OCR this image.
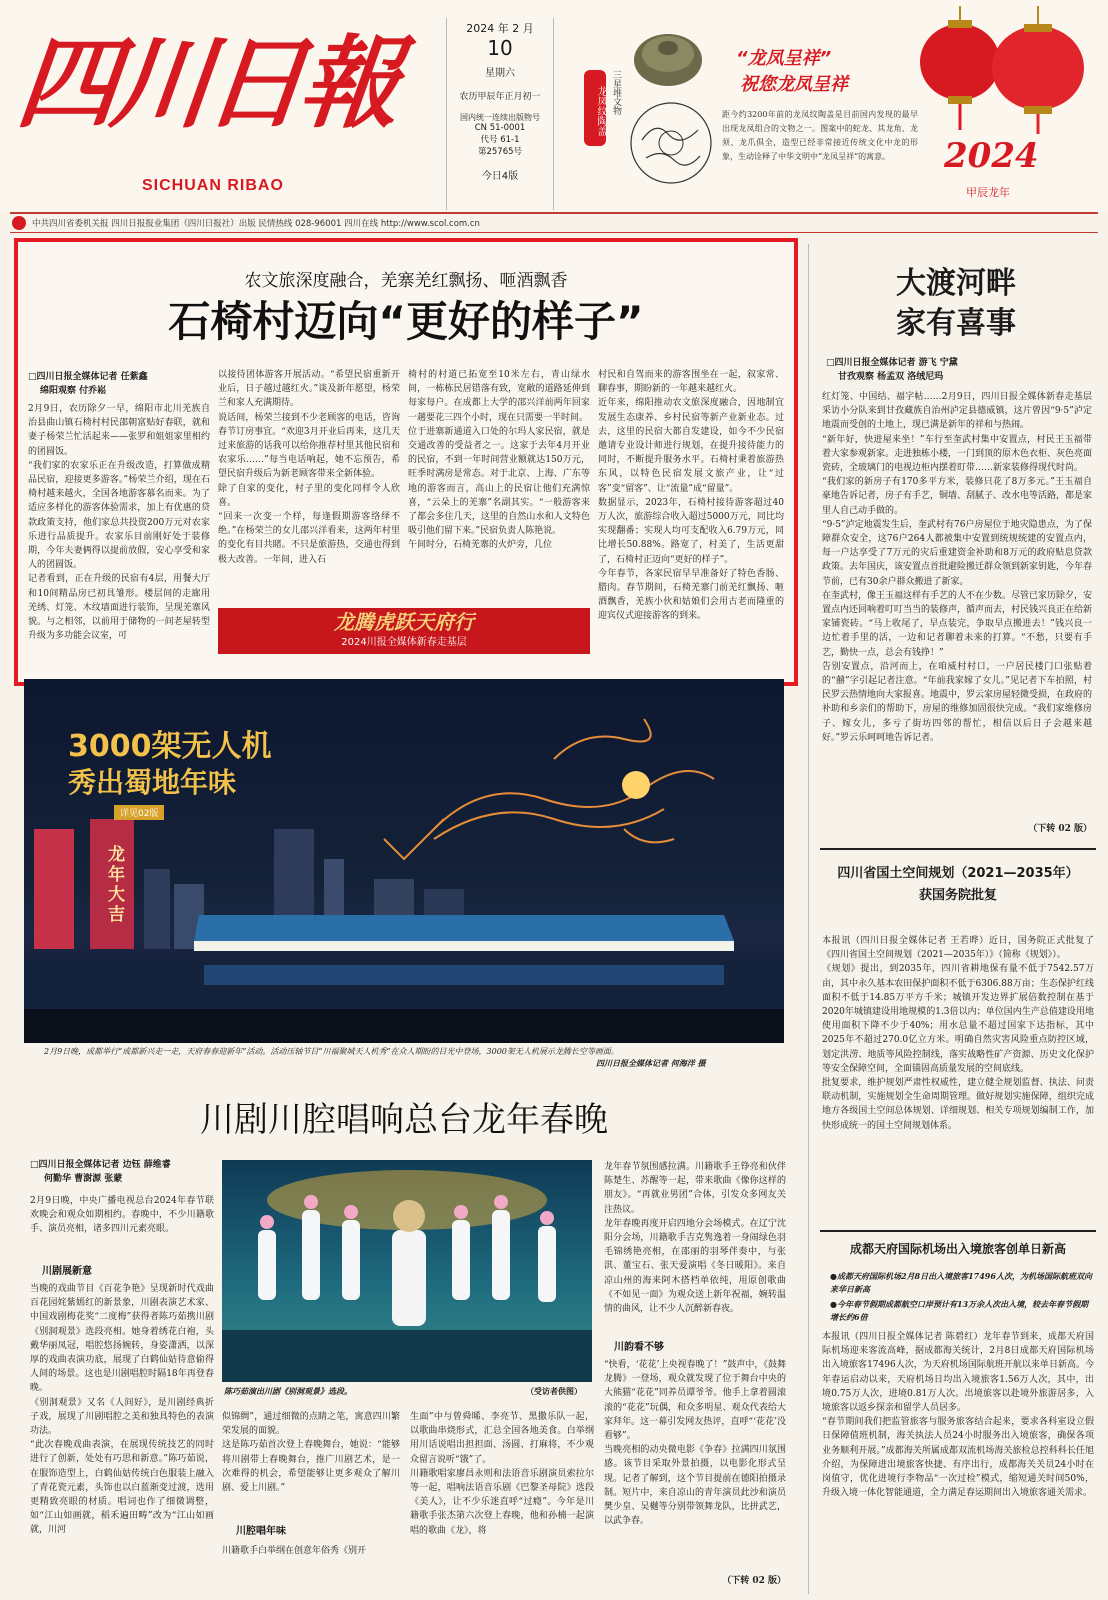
四川日報
SICHUAN RIBAO
2024 年 2 月
10
星期六
农历甲辰年正月初一
国内统一连续出版物号
CN 51-0001
代号 61-1
第25765号
今日4版
龙凤纹陶盖 三星堆文物
“龙凤呈祥”
祝您龙凤呈祥
距今约3200年前的龙凤纹陶盖是目前国内发现的最早出现龙凤组合的文物之一。图案中的蛇龙、其龙角、龙须、龙爪俱全，造型已经非常接近传统文化中龙的形象，生动诠释了中华文明中“龙凤呈祥”的寓意。	2024
甲辰龙年
中共四川省委机关报 四川日报报业集团（四川日报社）出版 民情热线 028-96001 四川在线 http://www.scol.com.cn
农文旅深度融合，羌寨羌红飘扬、咂酒飘香
石椅村迈向“更好的样子”
□四川日报全媒体记者 任紫鑫
绵阳观察 付乔崧
2月9日，农历除夕一早，绵阳市北川羌族自治县曲山镇石椅村村民邵朝富贴好春联，就和妻子杨荣兰忙活起来——张罗和姐姐家里相约的团圆饭。
“我们家的农家乐正在升级改造，打算做成精品民宿，迎接更多游客。”杨荣兰介绍，现在石椅村越来越火，全国各地游客慕名而来。为了适应多样化的游客体验需求，加上有优惠的贷款政策支持，他们家总共投资200万元对农家乐进行品质提升。农家乐目前刚好处于装修期，今年夫妻俩得以提前放假，安心享受和家人的团圆饭。
记者看到，正在升级的民宿有4层，用餐大厅和10间精品房已初具雏形。楼层间的走廊用羌绣、灯笼、木纹墙面进行装饰，呈现羌寨风貌。与之相邻，以前用于储物的一间老屋转型升级为多功能会议室，可
以接待团体游客开展活动。“希望民宿重新开业后，日子越过越红火。”谈及新年愿望，杨荣兰和家人充满期待。
说话间，杨荣兰接到不少老顾客的电话，咨询春节订房事宜。“欢迎3月开业后再来，这几天过来旅游的话我可以给你推荐村里其他民宿和农家乐……”每当电话响起，她不忘预告，希望民宿升级后为新老顾客带来全新体验。
除了自家的变化，村子里的变化同样令人欣喜。
“回来一次变一个样，每逢假期游客络绎不绝。”在杨荣兰的女儿邵兴洋看来，这两年村里的变化有目共睹。不只是旅游热，交通也得到极大改善。一年间，进入石
椅村的村道已拓宽至10米左右，青山绿水间，一栋栋民居错落有致，宽敞的道路延伸到每家每户。在成都上大学的邵兴洋前两年回家一趟要花三四个小时，现在只需要一半时间。
位于进寨新通道入口处的尔玛人家民宿，就是交通改善的受益者之一。这家于去年4月开业的民宿，不到一年时间营业额就达150万元，旺季时满房是常态。对于北京、上海、广东等地的游客而言，高山上的民宿让他们充满惊喜，“云朵上的羌寨”名副其实。“一般游客来了都会多住几天，这里的自然山水和人文特色吸引他们留下来。”民宿负责人陈艳说。
午间时分，石椅羌寨的火炉旁，几位
村民和自驾而来的游客围坐在一起，叙家常、聊春事，期盼新的一年越来越红火。
近年来，绵阳推动农文旅深度融合，因地制宜发展生态康养、乡村民宿等新产业新业态。过去，这里的民宿大都自发建设，如今不少民宿邀请专业设计师进行规划，在提升接待能力的同时，不断提升服务水平。石椅村秉着旅游热东风，以特色民宿发展文旅产业，让“过客”变“留客”、让“流量”成“留量”。
数据显示，2023年，石椅村接待游客超过40万人次，旅游综合收入超过5000万元，同比均实现翻番；实现人均可支配收入6.79万元，同比增长50.88%。路宽了，村美了，生活更甜了，石椅村正迈向“更好的样子”。
今年春节，各家民宿早早准备好了特色香肠、腊肉。春节期间，石椅羌寨门前羌红飘扬、咂酒飘香，羌族小伙和姑娘们会用古老而隆重的迎宾仪式迎接游客的到来。
龙腾虎跃天府行
2024川报全媒体新春走基层
大渡河畔
家有喜事
□四川日报全媒体记者 游飞 宁黛
甘孜观察 杨孟双 洛绒尼玛
红灯笼、中国结、福字帖……2月9日，四川日报全媒体新春走基层采访小分队来到甘孜藏族自治州泸定县德威镇，这片曾因“9·5”泸定地震而受创的土地上，现已满是新年的祥和与热闹。
“新年好，快进屋来坐！”车行至奎武村集中安置点，村民王玉福带着大家参观新家。走进独栋小楼，一门到顶的原木色衣柜、灰色亮面瓷砖，全玻璃门的电视边柜内摆着盯带……新家装修得现代时尚。
“我们家的新房子有170多平方米，装修只花了8万多元。”王玉福自豪地告诉记者，房子有手艺，铜墙、刮腻子、改水电等活路，都是家里人自己动手做的。
“9·5”泸定地震发生后，奎武村有76户房屋位于地灾隐患点，为了保障群众安全，这76户264人都被集中安置到统规统建的安置点内，每一户达享受了7万元的灾后重建资金补助和8万元的政府贴息贷款政策。去年国庆，该安置点首批避险搬迁群众领到新家钥匙，今年春节前，已有30余户群众搬进了新家。
在奎武村，像王玉福这样有手艺的人不在少数。尽管已家历除夕，安置点内还回响着叮叮当当的装修声，循声而去，村民钱兴良正在给新家铺瓷砖。“马上收尾了，早点装完，争取早点搬进去！”钱兴良一边忙着手里的活，一边和记者聊着未来的打算。“不愁，只要有手艺，勤快一点，总会有钱挣！”
告别安置点，沿河而上，在咱威村村口，一户居民楼门口张贴着的“囍”字引起记者注意。“年前我家嫁了女儿。”见记者下车拍照，村民罗云热情地向大家报喜。地震中，罗云家房屋轻微受损，在政府的补助和乡亲们的帮助下，房屋的维修加固很快完成。“我们家维修房子、嫁女儿，多亏了街坊四邻的帮忙，相信以后日子会越来越好。”罗云乐呵呵地告诉记者。
（下转 02 版）
3000架无人机
秀出蜀地年味
详见02版
龙年大吉
2月9日晚，成都举行“成都新兴走一走，天府春春迎新年”活动。活动压轴节目“川福聚城天人机秀”在众人期盼的目光中登场，3000架无人机展示龙腾长空等画面。
四川日报全媒体记者 何海洋 摄
四川省国土空间规划（2021—2035年）
获国务院批复
本报讯（四川日报全媒体记者 王若晔）近日，国务院正式批复了《四川省国土空间规划（2021—2035年）》（简称《规划》）。
《规划》提出，到2035年，四川省耕地保有量不低于7542.57万亩，其中永久基本农田保护面积不低于6306.88万亩；生态保护红线面积不低于14.85万平方千米；城镇开发边界扩展倍数控制在基于2020年城镇建设用地规模的1.3倍以内；单位国内生产总值建设用地使用面积下降不少于40%；用水总量不超过国家下达指标，其中2025年不超过270.0亿立方米。明确自然灾害风险重点防控区域，划定洪涝、地质等风险控制线，落实战略性矿产资源、历史文化保护等安全保障空间，全面锚固高质量发展的空间底线。
批复要求，维护规划严肃性权威性，建立健全规划监督、执法、问责联动机制，实施规划全生命周期管理。做好规划实施保障，组织完成地方各级国土空间总体规划、详细规划、相关专项规划编制工作，加快形成统一的国土空间规划体系。
成都天府国际机场出入境旅客创单日新高
●成都天府国际机场2月8日出入境旅客17496人次，为机场国际航班双向来华日新高
●今年春节假期成都航空口岸预计有13万余人次出入境，较去年春节假期增长约6倍
本报讯（四川日报全媒体记者 陈碧红）龙年春节到来，成都天府国际机场迎来客流高峰，据成都海关统计，2月8日成都天府国际机场出入境旅客17496人次，为天府机场国际航班开航以来单日新高。今年春运启动以来，天府机场日均出入境旅客1.56万人次，其中，出境0.75万人次，进境0.81万人次。出境旅客以赴境外旅游居多，入境旅客以返乡探亲和留学人员居多。
“春节期间我们把监管旅客与服务旅客结合起来，要求各科室设立假日保障值班机制，海关执法人员24小时服务出入境旅客，确保各项业务顺利开展。”成都海关所属成都双流机场海关旅检总控科科长任旭介绍，为保障进出境旅客快捷、有序出行，成都海关关员24小时在岗值守，优化进境行李物品“一次过检”模式，缩短通关时间50%，升级入境一体化智能通道，全力满足春运期间出入境旅客通关需求。
川剧川腔唱响总台龙年春晚
□四川日报全媒体记者 边钰 薛维睿
何勤华 曹澍源 张蒙
2月9日晚，中央广播电视总台2024年春节联欢晚会和观众如期相约。春晚中，不少川籍歌手、演员亮相，诸多四川元素亮眼。
川剧展新意
当晚的戏曲节目《百花争艳》呈现新时代戏曲百花园姹紫嫣红的新景象，川剧表演艺术家、中国戏剧梅花奖“二度梅”获得者陈巧茹携川剧《别洞观景》选段亮相。她身着绣花白袍，头戴华丽凤冠，唱腔悠扬婉转，身姿潇洒，以深厚的戏曲表演功底，展现了白鹤仙姑待意偷得人间的场景。这也是川剧唱腔时隔18年再登春晚。
《别洞观景》又名《人间好》，是川剧经典折子戏，展现了川剧唱腔之美和独具特色的表演功法。
“此次春晚戏曲表演，在展现传统技艺的同时进行了创新，处处有巧思和新意。”陈巧茹说，在服饰造型上，白鹤仙姑传统白色服装上融入了青花瓷元素，头饰也以白蓝渐变过渡，选用更精致亮眼的材质。唱词也作了细微调整，如“江山如画就，稻禾遍田畴”改为“江山如画就，川河
陈巧茹演出川剧《别洞观景》选段。	（受访者供图）
似锦绸”，通过细微的点睛之笔，寓意四川繁荣发展的面貌。
这是陈巧茹首次登上春晚舞台，她说：“能够将川剧带上春晚舞台，推广川剧艺术，是一次难得的机会，希望能够让更多观众了解川剧、爱上川剧。”
川腔唱年味
川籍歌手白举纲在创意年俗秀《别开
生面”中与曾舜晞、李亮节、黑撒乐队一起，以歌曲串烧形式，汇总全国各地美食。白举纲用川话说唱出担担面、汤圆、打麻将，不少观众留言说听“饿”了。
川籍歌唱家廖昌永则和法语音乐剧演员索拉尔等一起，唱响法语音乐剧《巴黎圣母院》选段《美人》，让不少乐迷直呼“过瘾”。今年是川籍歌手张杰第六次登上春晚，他和孙楠一起演唱的歌曲《龙》，将
龙年春节氛围感拉满。川籍歌手王铮亮和伙伴陈楚生、苏醒等一起，带来歌曲《像你这样的朋友》。“再就业男团”合体，引发众多网友关注热议。
龙年春晚再度开启四地分会场模式。在辽宁沈阳分会场，川籍歌手吉克隽逸着一身闹绿色羽毛锦绣艳亮相，在邵丽的羽琴伴奏中，与张淇、董宝石、张天爱演唱《冬日暖阳》。来自凉山州的海来阿木搭档单依纯，用原创歌曲《不如见一面》为观众送上新年祝福，婉转温情的曲风，让不少人沉醉新春夜。
川韵看不够
“快看，‘花花’上央视春晚了！”鼓声中，《鼓舞龙腾》一登场，观众就发现了位于舞台中央的大熊猫“花花”同养员谭爷爷。他手上拿着圆滚滚的“花花”玩偶，和众多明星、观众代表给大家拜年。这一幕引发网友热评，直呼“‘花花’没看够”。
当晚亮相的动央微电影《争春》拉满四川氛围感。该节目采取外景拍摄，以电影化形式呈现。记者了解到，这个节目提前在德阳拍摄录制。短片中，来自凉山的青年演员此沙和演员樊少皇、吴樾等分别带领舞龙队，比拼武艺，以武争春。
（下转 02 版）
